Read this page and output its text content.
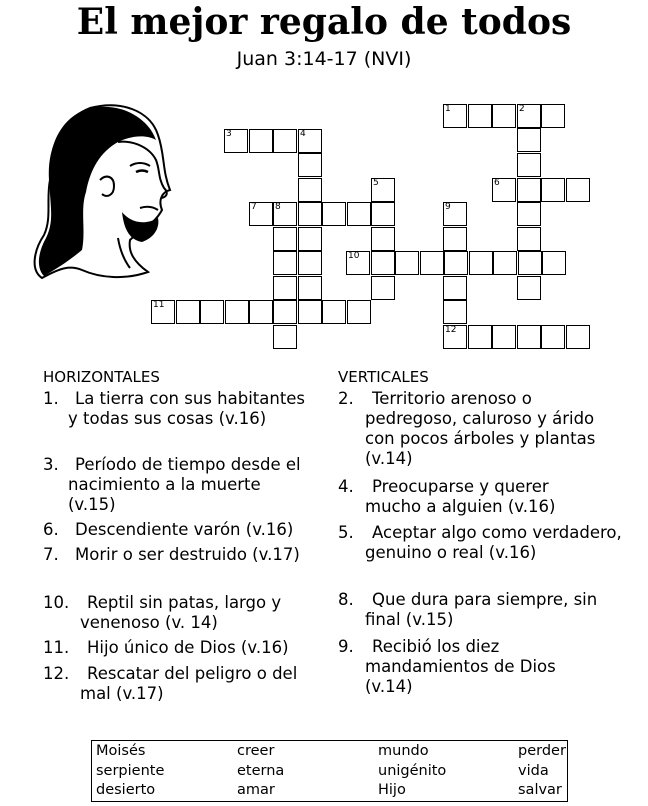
El mejor regalo de todos
Juan 3:14-17 (NVI)
1	2
6
3	4
5
7 8	9
10
11
12
HORIZONTALES	VERTICALES
1. La tierra con sus habitantes y todas sus cosas (v.16)
3. Período de tiempo desde el nacimiento a la muerte (v.15)
6. Descendiente varón (v.16)
7. Morir o ser destruido (v.17)
10.	Reptil sin patas, largo y venenoso (v. 14)
11.	Hijo único de Dios (v.16)
12.	Rescatar del peligro o del mal (v.17)
2.	Territorio arenoso o pedregoso, caluroso y árido con pocos árboles y plantas (v.14)
4.	Preocuparse y querer mucho a alguien (v.16)
5.	Aceptar algo como verdadero, genuino o real (v.16)
8.	Que dura para siempre, sin final (v.15)
9.	Recibió los diez mandamientos de Dios (v.14)
Moisés	creer	mundo	perder
serpiente	eterna	unigénito	vida
desierto	amar	Hijo	salvar
